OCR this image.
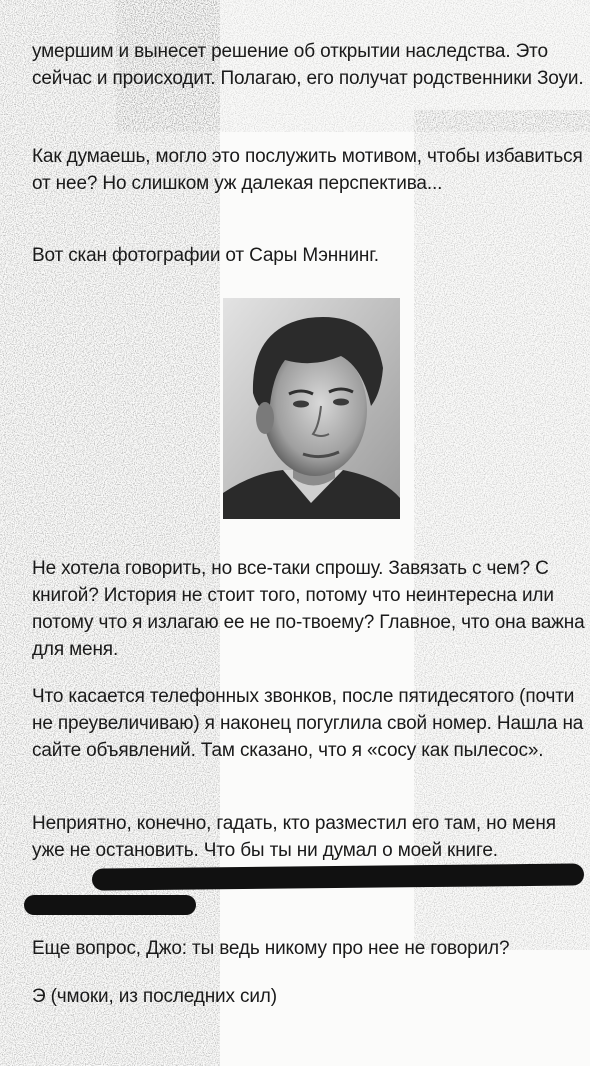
умершим и вынесет решение об открытии наследства. Это сейчас и происходит. Полагаю, его получат родственники Зоуи.

Как думаешь, могло это послужить мотивом, чтобы избавиться от нее? Но слишком уж далекая перспектива...

Вот скан фотографии от Сары Мэннинг.

Не хотела говорить, но все-таки спрошу. Завязать с чем? С книгой? История не стоит того, потому что неинтересна или потому что я излагаю ее не по-твоему? Главное, что она важна для меня.

Что касается телефонных звонков, после пятидесятого (почти не преувеличиваю) я наконец погуглила свой номер. Нашла на сайте объявлений. Там сказано, что я «сосу как пылесос».

Неприятно, конечно, гадать, кто разместил его там, но меня уже не остановить. Что бы ты ни думал о моей книге.

Еще вопрос, Джо: ты ведь никому про нее не говорил?

Э (чмоки, из последних сил)
